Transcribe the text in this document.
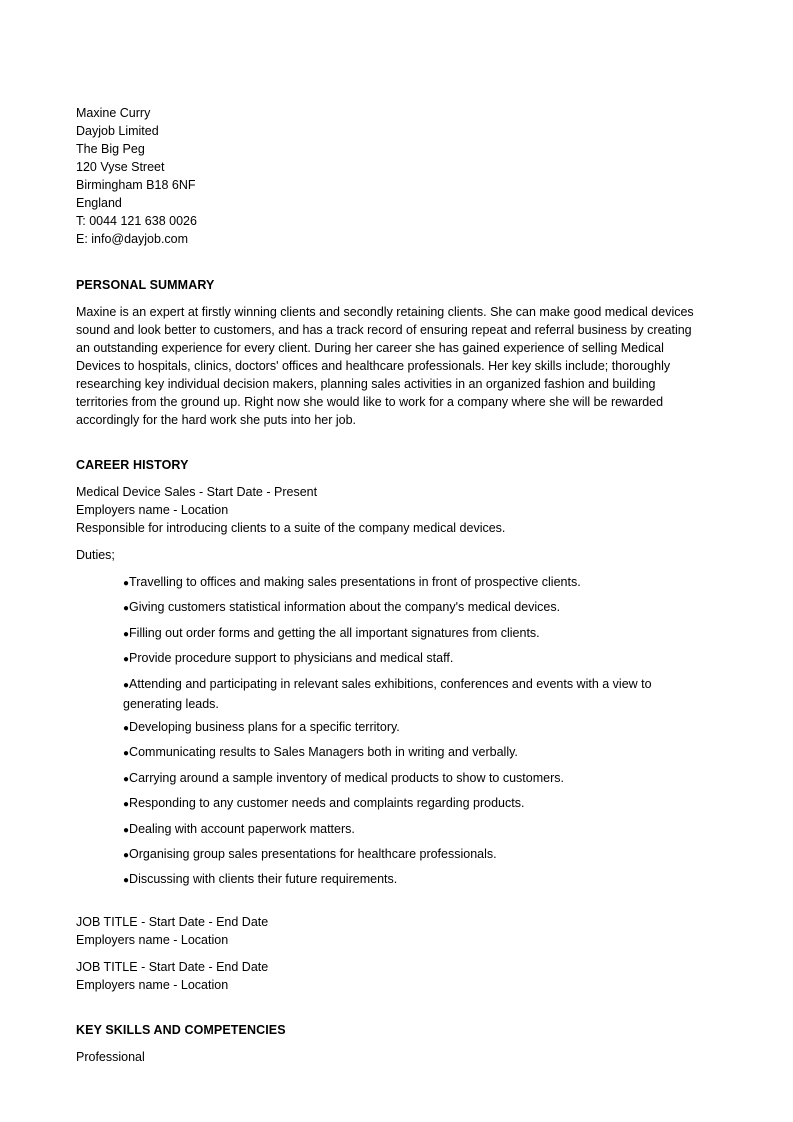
Maxine Curry
Dayjob Limited
The Big Peg
120 Vyse Street
Birmingham B18 6NF
England
T: 0044 121 638 0026
E: info@dayjob.com
PERSONAL SUMMARY
Maxine is an expert at firstly winning clients and secondly retaining clients. She can make good medical devices sound and look better to customers, and has a track record of ensuring repeat and referral business by creating an outstanding experience for every client. During her career she has gained experience of selling Medical Devices to hospitals, clinics, doctors' offices and healthcare professionals. Her key skills include; thoroughly researching key individual decision makers, planning sales activities in an organized fashion and building territories from the ground up. Right now she would like to work for a company where she will be rewarded accordingly for the hard work she puts into her job.
CAREER HISTORY
Medical Device Sales - Start Date - Present
Employers name - Location
Responsible for introducing clients to a suite of the company medical devices.
Duties;
●Travelling to offices and making sales presentations in front of prospective clients.
●Giving customers statistical information about the company's medical devices.
●Filling out order forms and getting the all important signatures from clients.
●Provide procedure support to physicians and medical staff.
●Attending and participating in relevant sales exhibitions, conferences and events with a view to generating leads.
●Developing business plans for a specific territory.
●Communicating results to Sales Managers both in writing and verbally.
●Carrying around a sample inventory of medical products to show to customers.
●Responding to any customer needs and complaints regarding products.
●Dealing with account paperwork matters.
●Organising group sales presentations for healthcare professionals.
●Discussing with clients their future requirements.
JOB TITLE - Start Date - End Date
Employers name - Location
JOB TITLE - Start Date - End Date
Employers name - Location
KEY SKILLS AND COMPETENCIES
Professional
